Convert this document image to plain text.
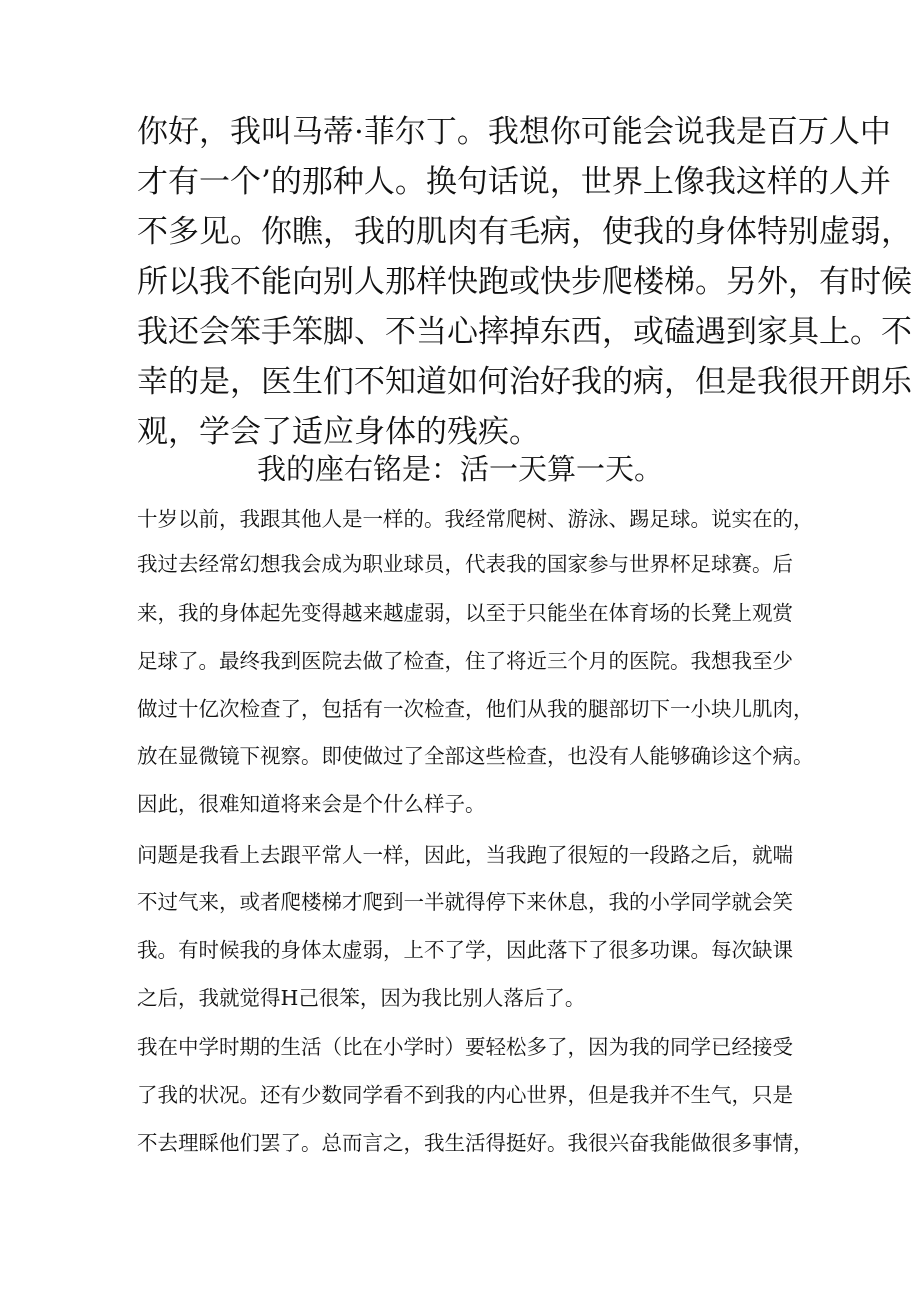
你好，我叫马蒂·菲尔丁。我想你可能会说我是百万人中

才有一个’的那种人。换句话说，世界上像我这样的人并

不多见。你瞧，我的肌肉有毛病，使我的身体特别虚弱，

所以我不能向别人那样快跑或快步爬楼梯。另外，有时候

我还会笨手笨脚、不当心摔掉东西，或磕遇到家具上。不

幸的是，医生们不知道如何治好我的病，但是我很开朗乐

观，学会了适应身体的残疾。

我的座右铭是：活一天算一天。

十岁以前，我跟其他人是一样的。我经常爬树、游泳、踢足球。说实在的，

我过去经常幻想我会成为职业球员，代表我的国家参与世界杯足球赛。后

来，我的身体起先变得越来越虚弱，以至于只能坐在体育场的长凳上观赏

足球了。最终我到医院去做了检查，住了将近三个月的医院。我想我至少

做过十亿次检查了，包括有一次检查，他们从我的腿部切下一小块儿肌肉，

放在显微镜下视察。即使做过了全部这些检查，也没有人能够确诊这个病。

因此，很难知道将来会是个什么样子。

问题是我看上去跟平常人一样，因此，当我跑了很短的一段路之后，就喘

不过气来，或者爬楼梯才爬到一半就得停下来休息，我的小学同学就会笑

我。有时候我的身体太虚弱，上不了学，因此落下了很多功课。每次缺课

之后，我就觉得H己很笨，因为我比别人落后了。

我在中学时期的生活（比在小学时）要轻松多了，因为我的同学已经接受

了我的状况。还有少数同学看不到我的内心世界，但是我并不生气，只是

不去理睬他们罢了。总而言之，我生活得挺好。我很兴奋我能做很多事情，
